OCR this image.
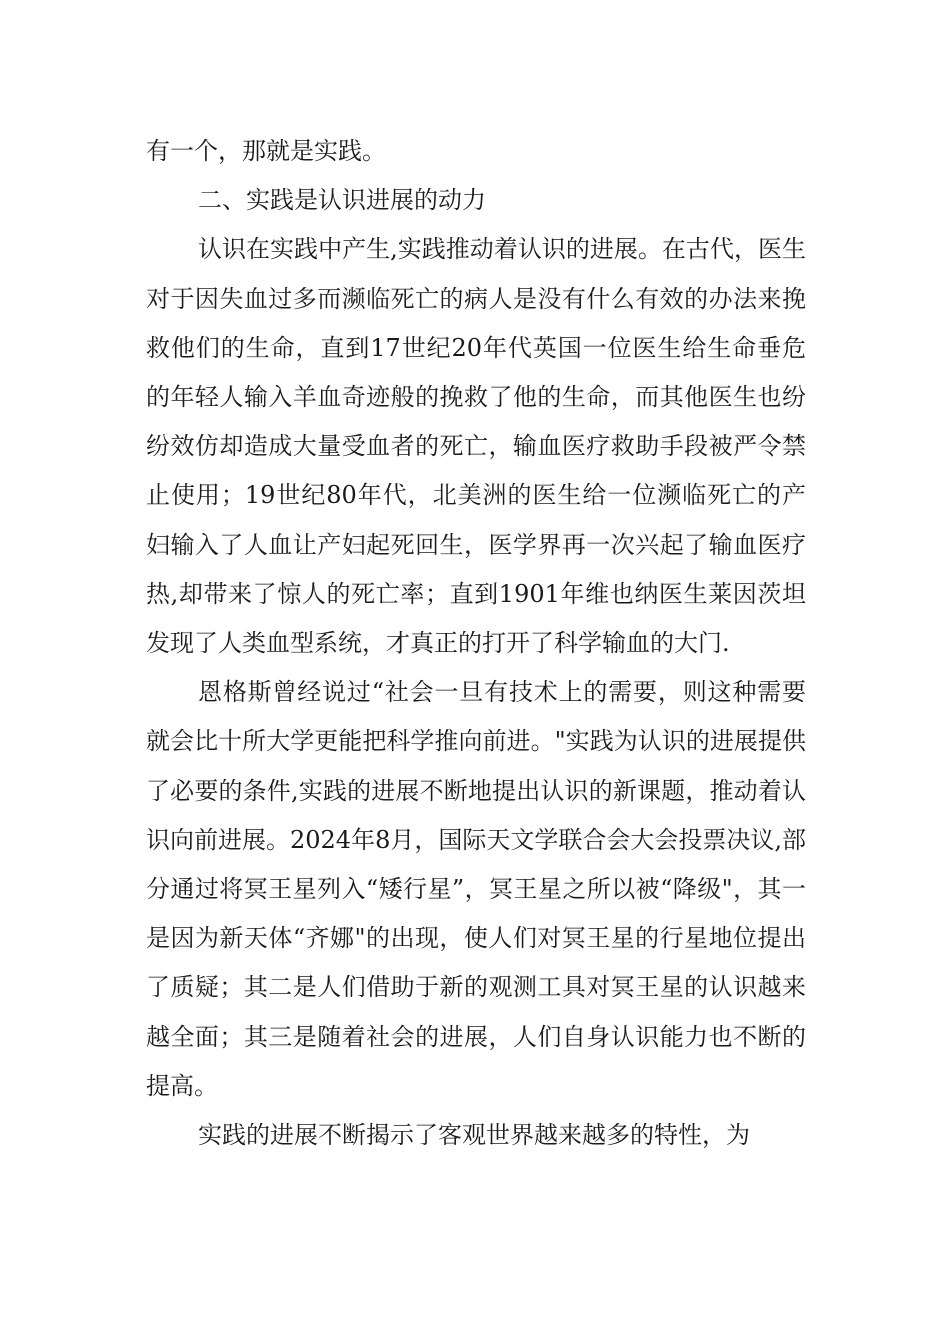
有一个，那就是实践。

二、实践是认识进展的动力

认识在实践中产生,实践推动着认识的进展。在古代，医生对于因失血过多而濒临死亡的病人是没有什么有效的办法来挽救他们的生命，直到17世纪20年代英国一位医生给生命垂危的年轻人输入羊血奇迹般的挽救了他的生命，而其他医生也纷纷效仿却造成大量受血者的死亡，输血医疗救助手段被严令禁止使用；19世纪80年代，北美洲的医生给一位濒临死亡的产妇输入了人血让产妇起死回生，医学界再一次兴起了输血医疗热,却带来了惊人的死亡率；直到1901年维也纳医生莱因茨坦发现了人类血型系统，才真正的打开了科学输血的大门.

恩格斯曾经说过“社会一旦有技术上的需要，则这种需要就会比十所大学更能把科学推向前进。"实践为认识的进展提供了必要的条件,实践的进展不断地提出认识的新课题，推动着认识向前进展。2024年8月，国际天文学联合会大会投票决议,部分通过将冥王星列入“矮行星”，冥王星之所以被“降级"，其一是因为新天体“齐娜"的出现，使人们对冥王星的行星地位提出了质疑；其二是人们借助于新的观测工具对冥王星的认识越来越全面；其三是随着社会的进展，人们自身认识能力也不断的提高。

实践的进展不断揭示了客观世界越来越多的特性，为
